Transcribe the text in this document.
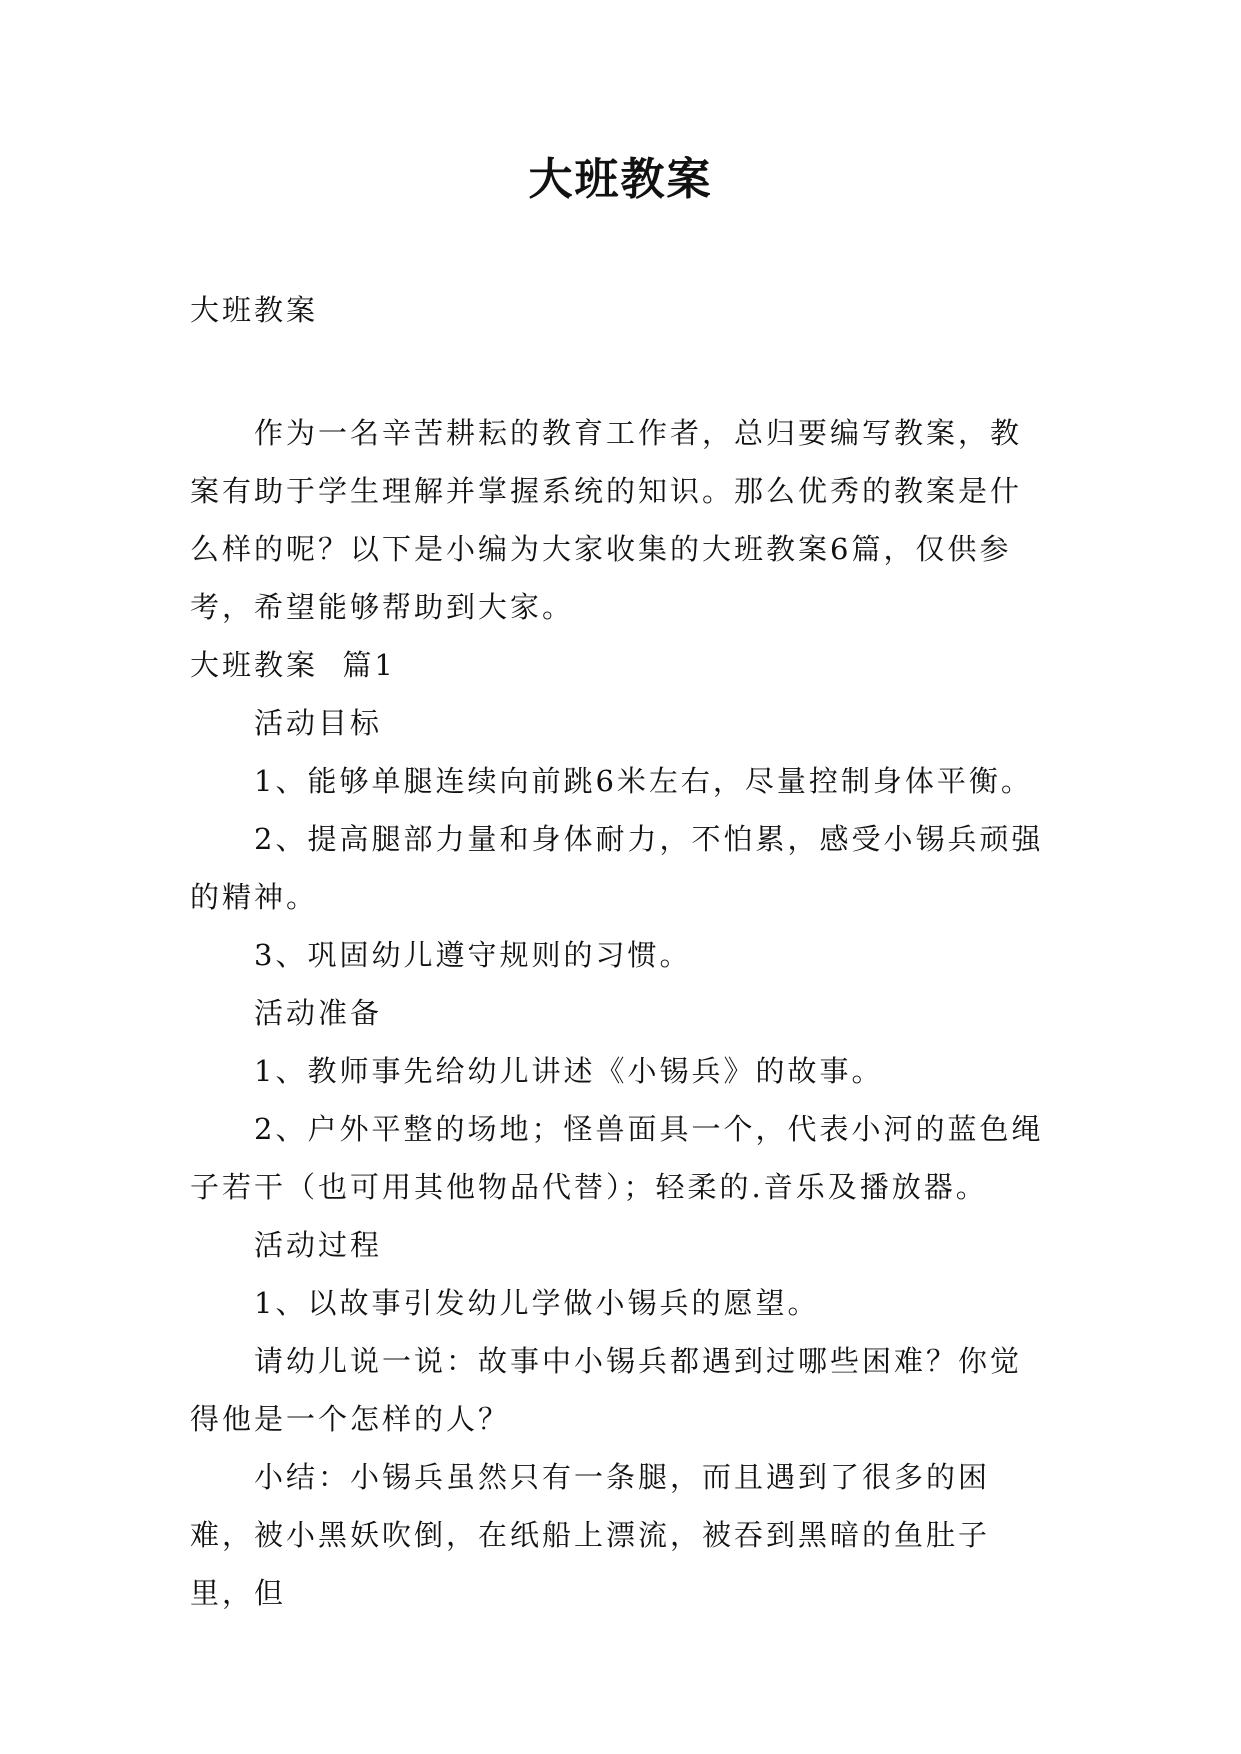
大班教案
大班教案

作为一名辛苦耕耘的教育工作者，总归要编写教案，教案有助于学生理解并掌握系统的知识。那么优秀的教案是什么样的呢？以下是小编为大家收集的大班教案6篇，仅供参考，希望能够帮助到大家。

大班教案  篇1

活动目标

1、能够单腿连续向前跳6米左右，尽量控制身体平衡。

2、提高腿部力量和身体耐力，不怕累，感受小锡兵顽强的精神。

3、巩固幼儿遵守规则的习惯。

活动准备

1、教师事先给幼儿讲述《小锡兵》的故事。

2、户外平整的场地；怪兽面具一个，代表小河的蓝色绳子若干（也可用其他物品代替）；轻柔的.音乐及播放器。

活动过程

1、以故事引发幼儿学做小锡兵的愿望。

请幼儿说一说：故事中小锡兵都遇到过哪些困难？你觉得他是一个怎样的人？

小结：小锡兵虽然只有一条腿，而且遇到了很多的困难，被小黑妖吹倒，在纸船上漂流，被吞到黑暗的鱼肚子里，但
